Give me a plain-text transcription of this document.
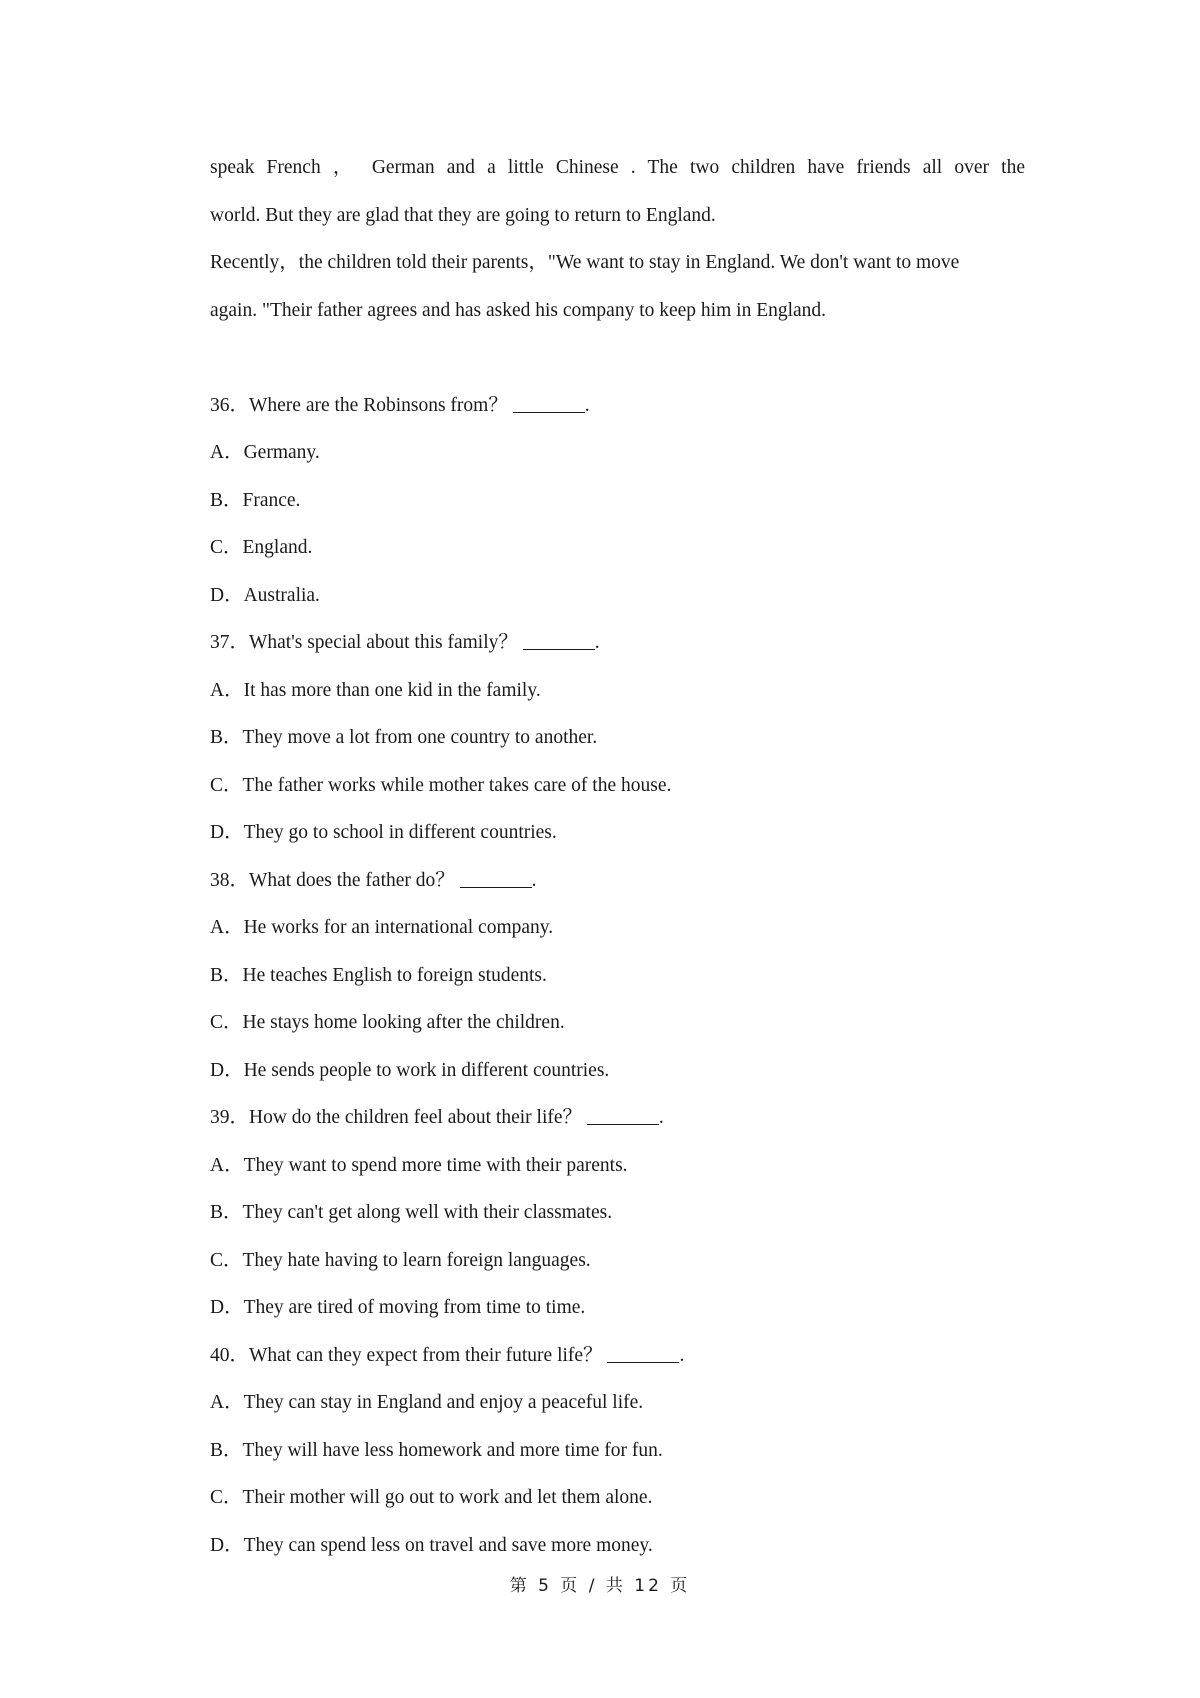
speak French ， German and a little Chinese . The two children have friends all over the
world. But they are glad that they are going to return to England.
Recently，the children told their parents，"We want to stay in England. We don't want to move
again. "Their father agrees and has asked his company to keep him in England.
36．Where are the Robinsons from？	.
A．Germany.
B．France.
C．England.
D．Australia.
37．What's special about this family？	.
A．It has more than one kid in the family.
B．They move a lot from one country to another.
C．The father works while mother takes care of the house.
D．They go to school in different countries.
38．What does the father do？	.
A．He works for an international company.
B．He teaches English to foreign students.
C．He stays home looking after the children.
D．He sends people to work in different countries.
39．How do the children feel about their life？	.
A．They want to spend more time with their parents.
B．They can't get along well with their classmates.
C．They hate having to learn foreign languages.
D．They are tired of moving from time to time.
40．What can they expect from their future life？	.
A．They can stay in England and enjoy a peaceful life.
B．They will have less homework and more time for fun.
C．Their mother will go out to work and let them alone.
D．They can spend less on travel and save more money.
第 5 页 / 共 12 页
